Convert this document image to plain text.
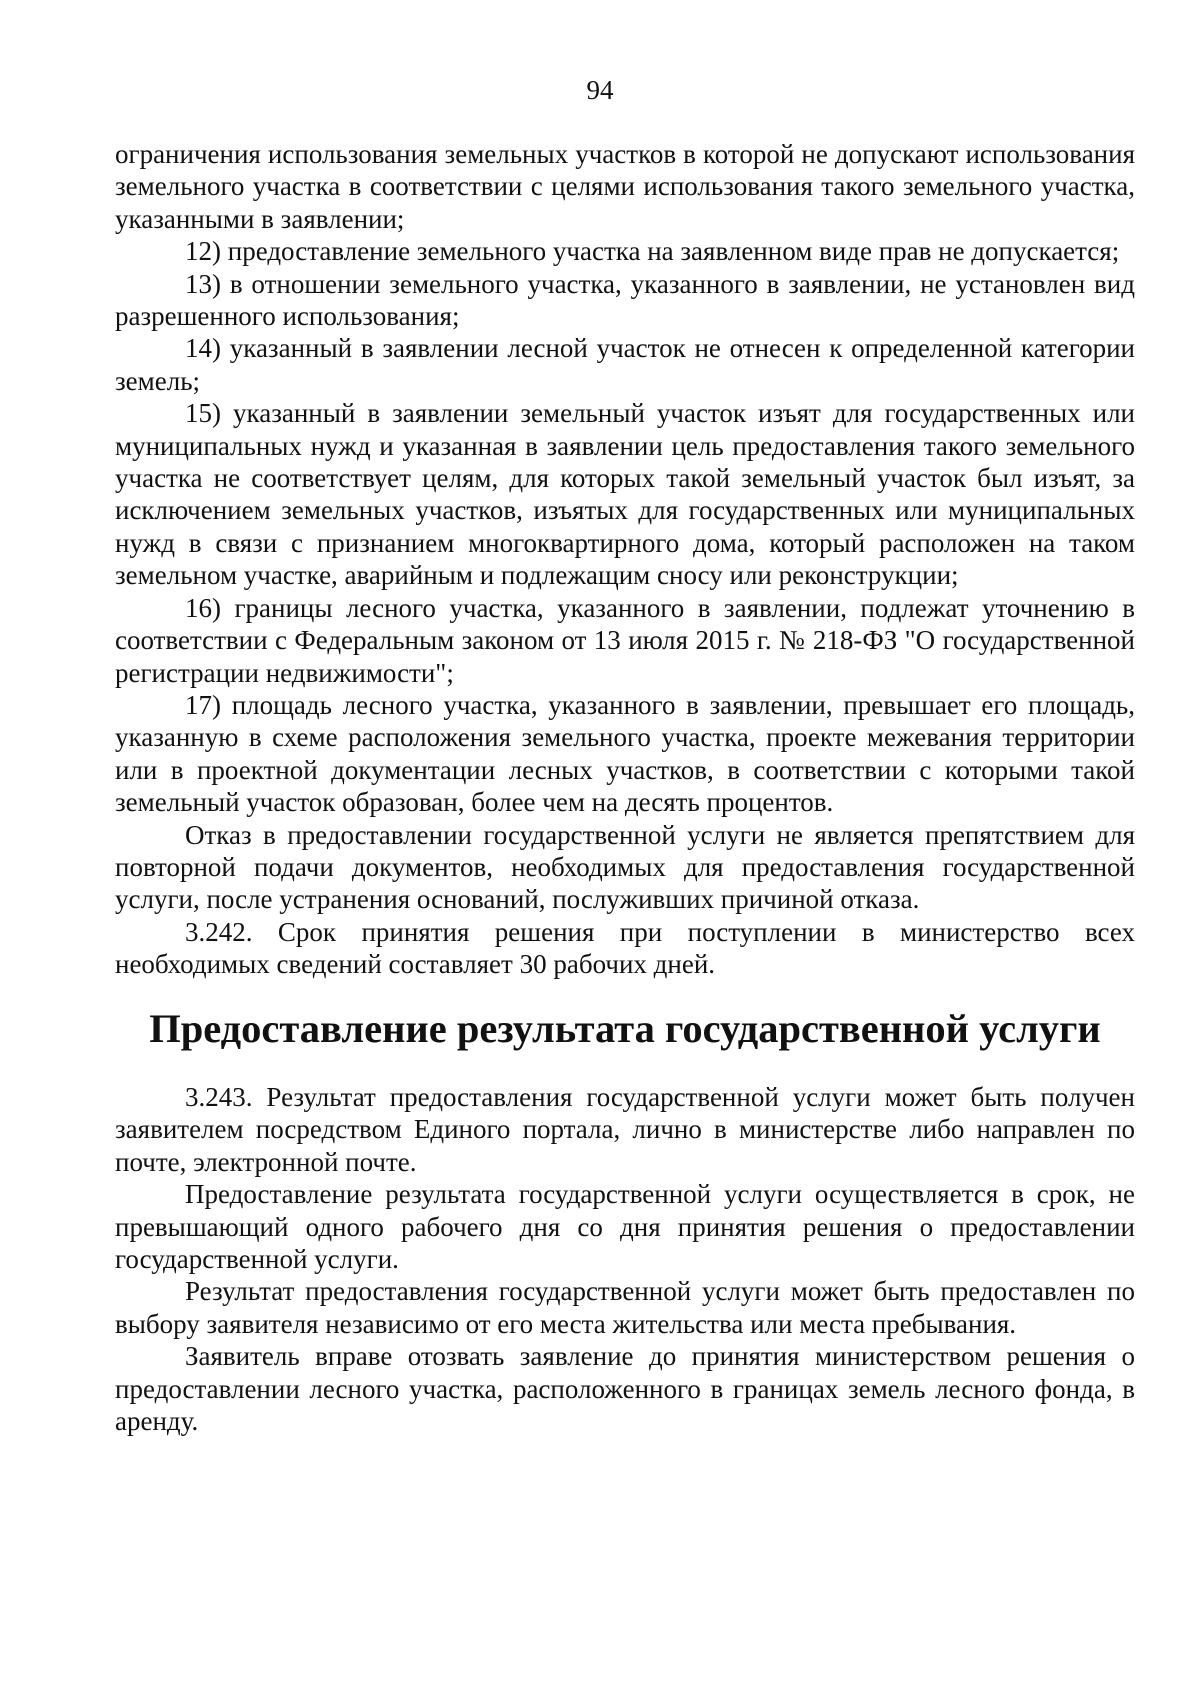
94

ограничения использования земельных участков в которой не допускают использования земельного участка в соответствии с целями использования такого земельного участка, указанными в заявлении;

12) предоставление земельного участка на заявленном виде прав не допускается;

13) в отношении земельного участка, указанного в заявлении, не установлен вид разрешенного использования;

14) указанный в заявлении лесной участок не отнесен к определенной категории земель;

15) указанный в заявлении земельный участок изъят для государственных или муниципальных нужд и указанная в заявлении цель предоставления такого земельного участка не соответствует целям, для которых такой земельный участок был изъят, за исключением земельных участков, изъятых для государственных или муниципальных нужд в связи с признанием многоквартирного дома, который расположен на таком земельном участке, аварийным и подлежащим сносу или реконструкции;

16) границы лесного участка, указанного в заявлении, подлежат уточнению в соответствии с Федеральным законом от 13 июля 2015 г. № 218-ФЗ "О государственной регистрации недвижимости";

17) площадь лесного участка, указанного в заявлении, превышает его площадь, указанную в схеме расположения земельного участка, проекте межевания территории или в проектной документации лесных участков, в соответствии с которыми такой земельный участок образован, более чем на десять процентов.

Отказ в предоставлении государственной услуги не является препятствием для повторной подачи документов, необходимых для предоставления государственной услуги, после устранения оснований, послуживших причиной отказа.

3.242. Срок принятия решения при поступлении в министерство всех необходимых сведений составляет 30 рабочих дней.

Предоставление результата государственной услуги

3.243. Результат предоставления государственной услуги может быть получен заявителем посредством Единого портала, лично в министерстве либо направлен по почте, электронной почте.

Предоставление результата государственной услуги осуществляется в срок, не превышающий одного рабочего дня со дня принятия решения о предоставлении государственной услуги.

Результат предоставления государственной услуги может быть предоставлен по выбору заявителя независимо от его места жительства или места пребывания.

Заявитель вправе отозвать заявление до принятия министерством решения о предоставлении лесного участка, расположенного в границах земель лесного фонда, в аренду.
